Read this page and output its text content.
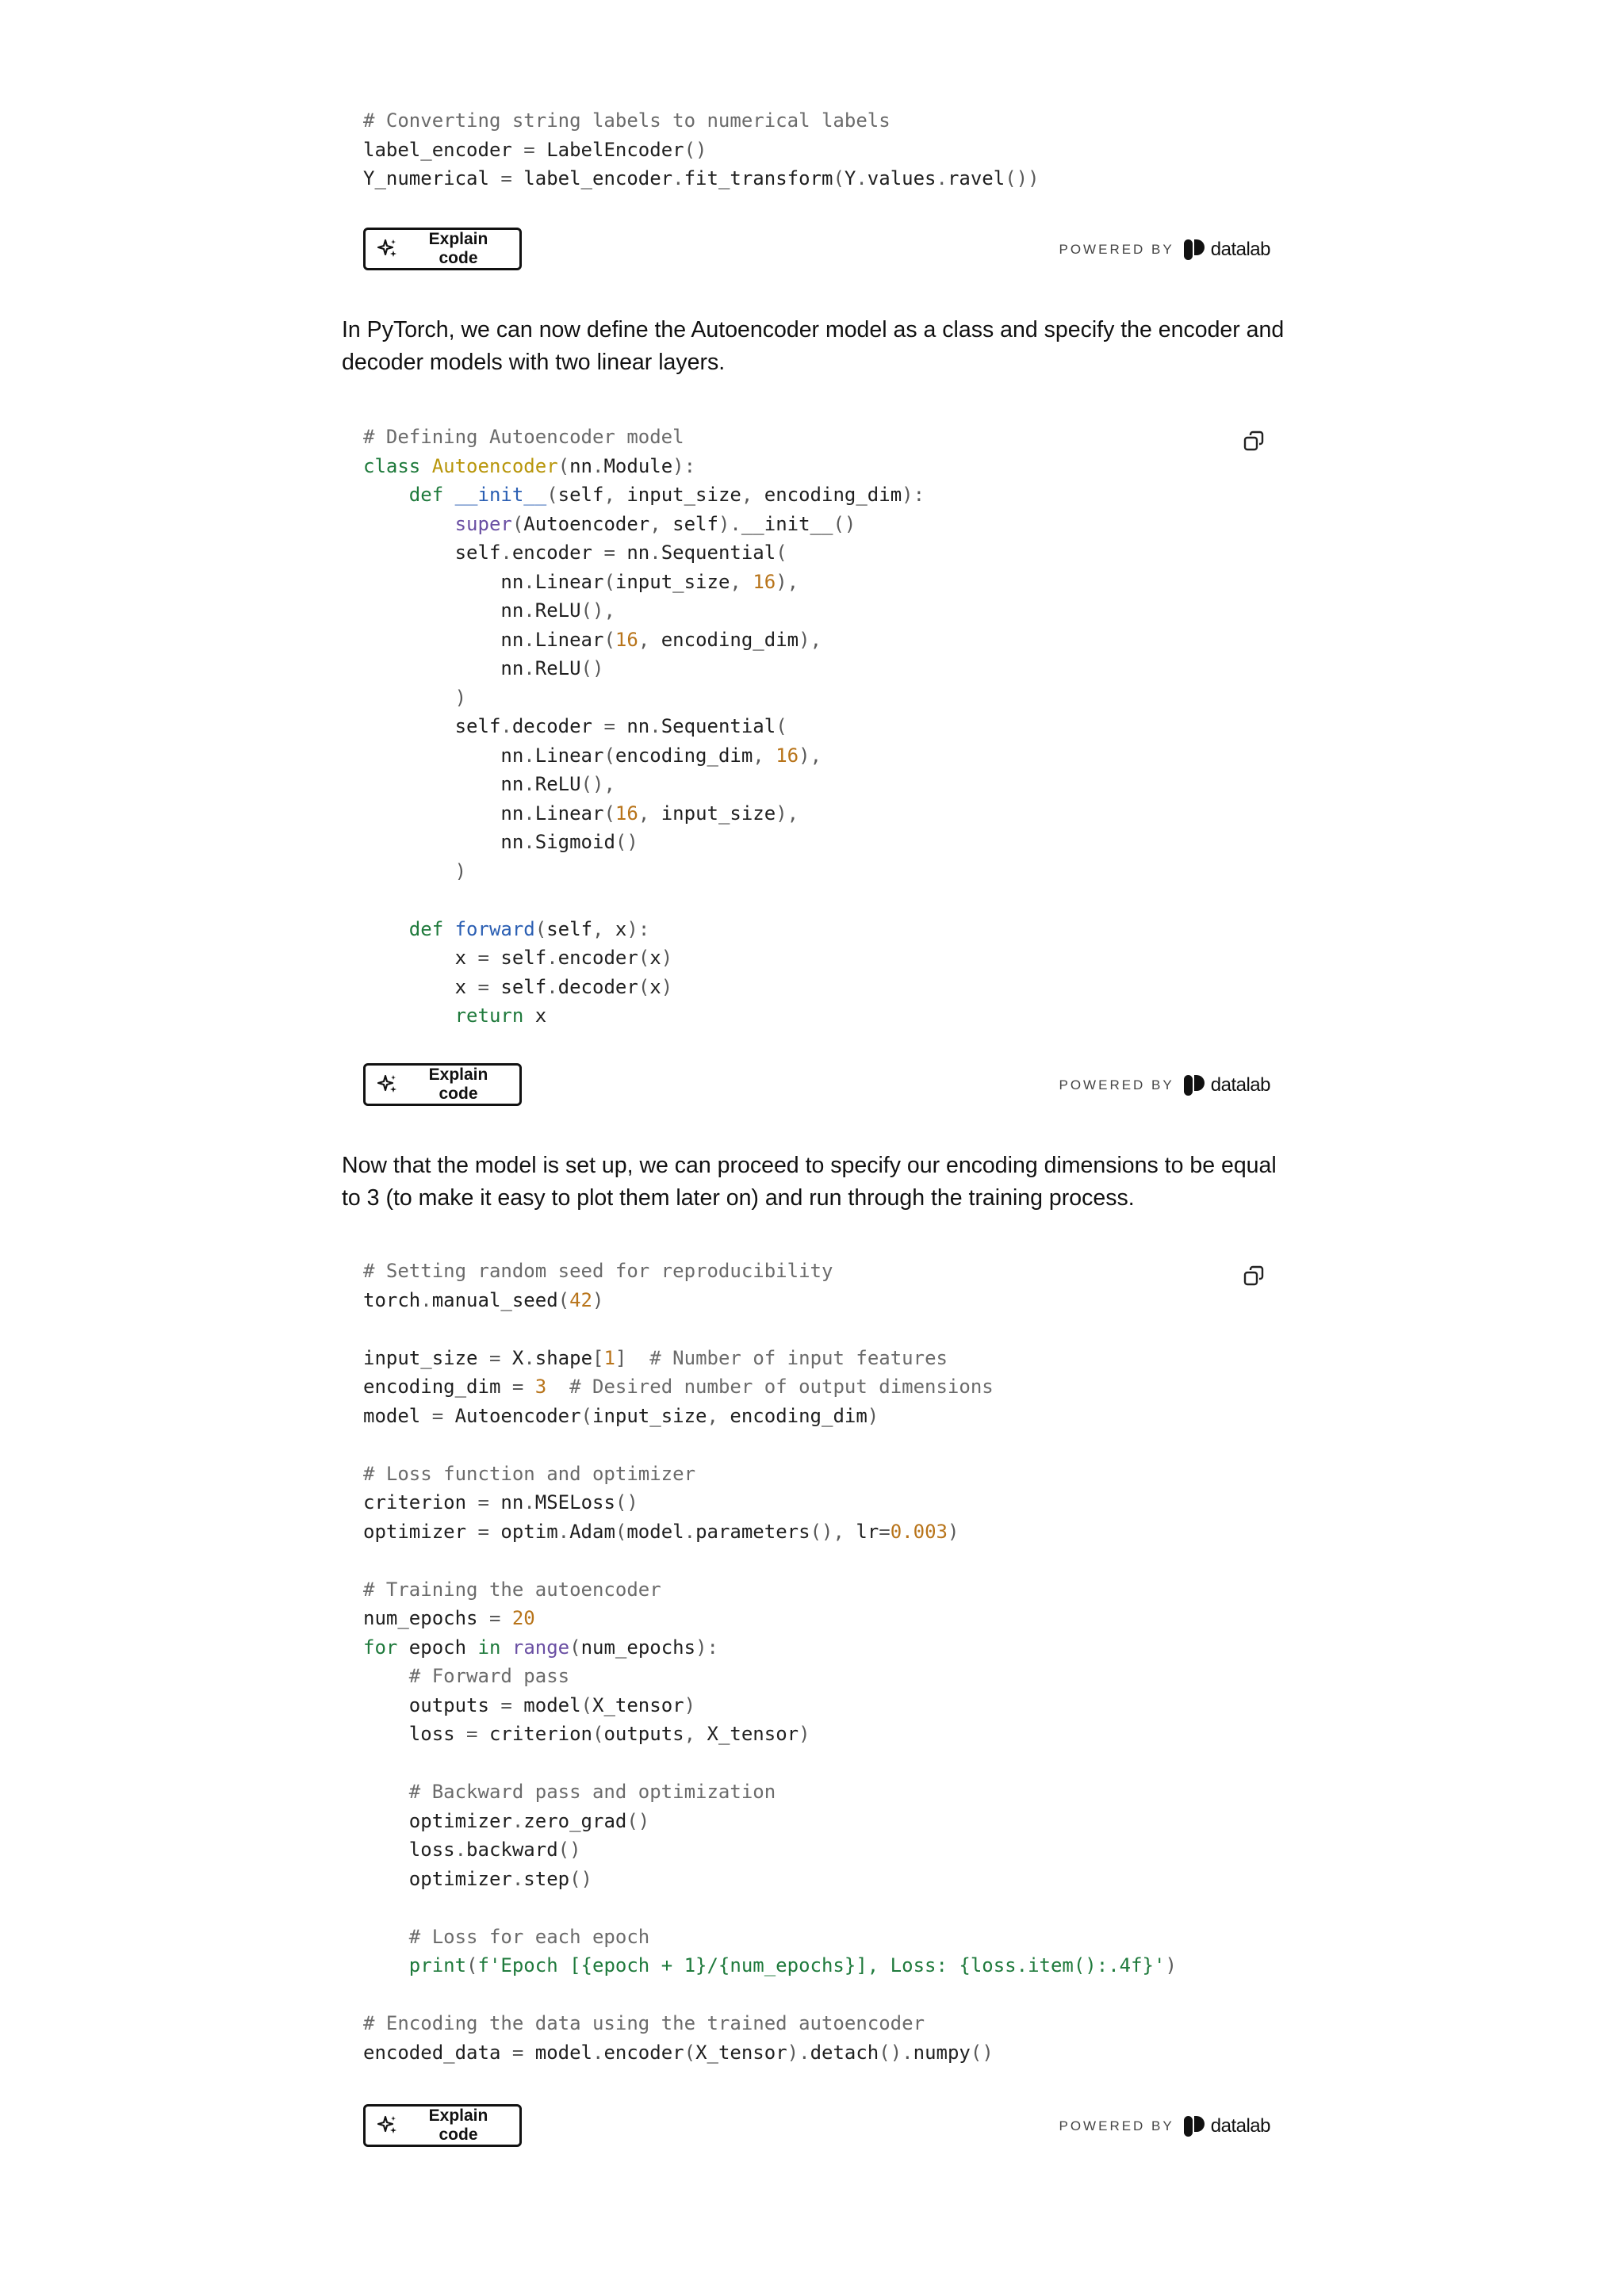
# Converting string labels to numerical labels
label_encoder = LabelEncoder()
Y_numerical = label_encoder.fit_transform(Y.values.ravel())
Explain code	POWERED BY datalab

In PyTorch, we can now define the Autoencoder model as a class and specify the encoder and decoder models with two linear layers.

# Defining Autoencoder model
class Autoencoder(nn.Module):
def __init__(self, input_size, encoding_dim):
super(Autoencoder, self).__init__()
self.encoder = nn.Sequential(
nn.Linear(input_size, 16),
nn.ReLU(),
nn.Linear(16, encoding_dim),
nn.ReLU()
)
self.decoder = nn.Sequential(
nn.Linear(encoding_dim, 16),
nn.ReLU(),
nn.Linear(16, input_size),
nn.Sigmoid()
)

def forward(self, x):
x = self.encoder(x)
x = self.decoder(x)
return x
Explain code	POWERED BY datalab

Now that the model is set up, we can proceed to specify our encoding dimensions to be equal to 3 (to make it easy to plot them later on) and run through the training process.

# Setting random seed for reproducibility
torch.manual_seed(42)

input_size = X.shape[1] # Number of input features
encoding_dim = 3 # Desired number of output dimensions
model = Autoencoder(input_size, encoding_dim)

# Loss function and optimizer
criterion = nn.MSELoss()
optimizer = optim.Adam(model.parameters(), lr=0.003)

# Training the autoencoder
num_epochs = 20
for epoch in range(num_epochs):
# Forward pass
outputs = model(X_tensor)
loss = criterion(outputs, X_tensor)

# Backward pass and optimization
optimizer.zero_grad()
loss.backward()
optimizer.step()

# Loss for each epoch
print(f'Epoch [{epoch + 1}/{num_epochs}], Loss: {loss.item():.4f}')

# Encoding the data using the trained autoencoder
encoded_data = model.encoder(X_tensor).detach().numpy()
Explain code	POWERED BY datalab
